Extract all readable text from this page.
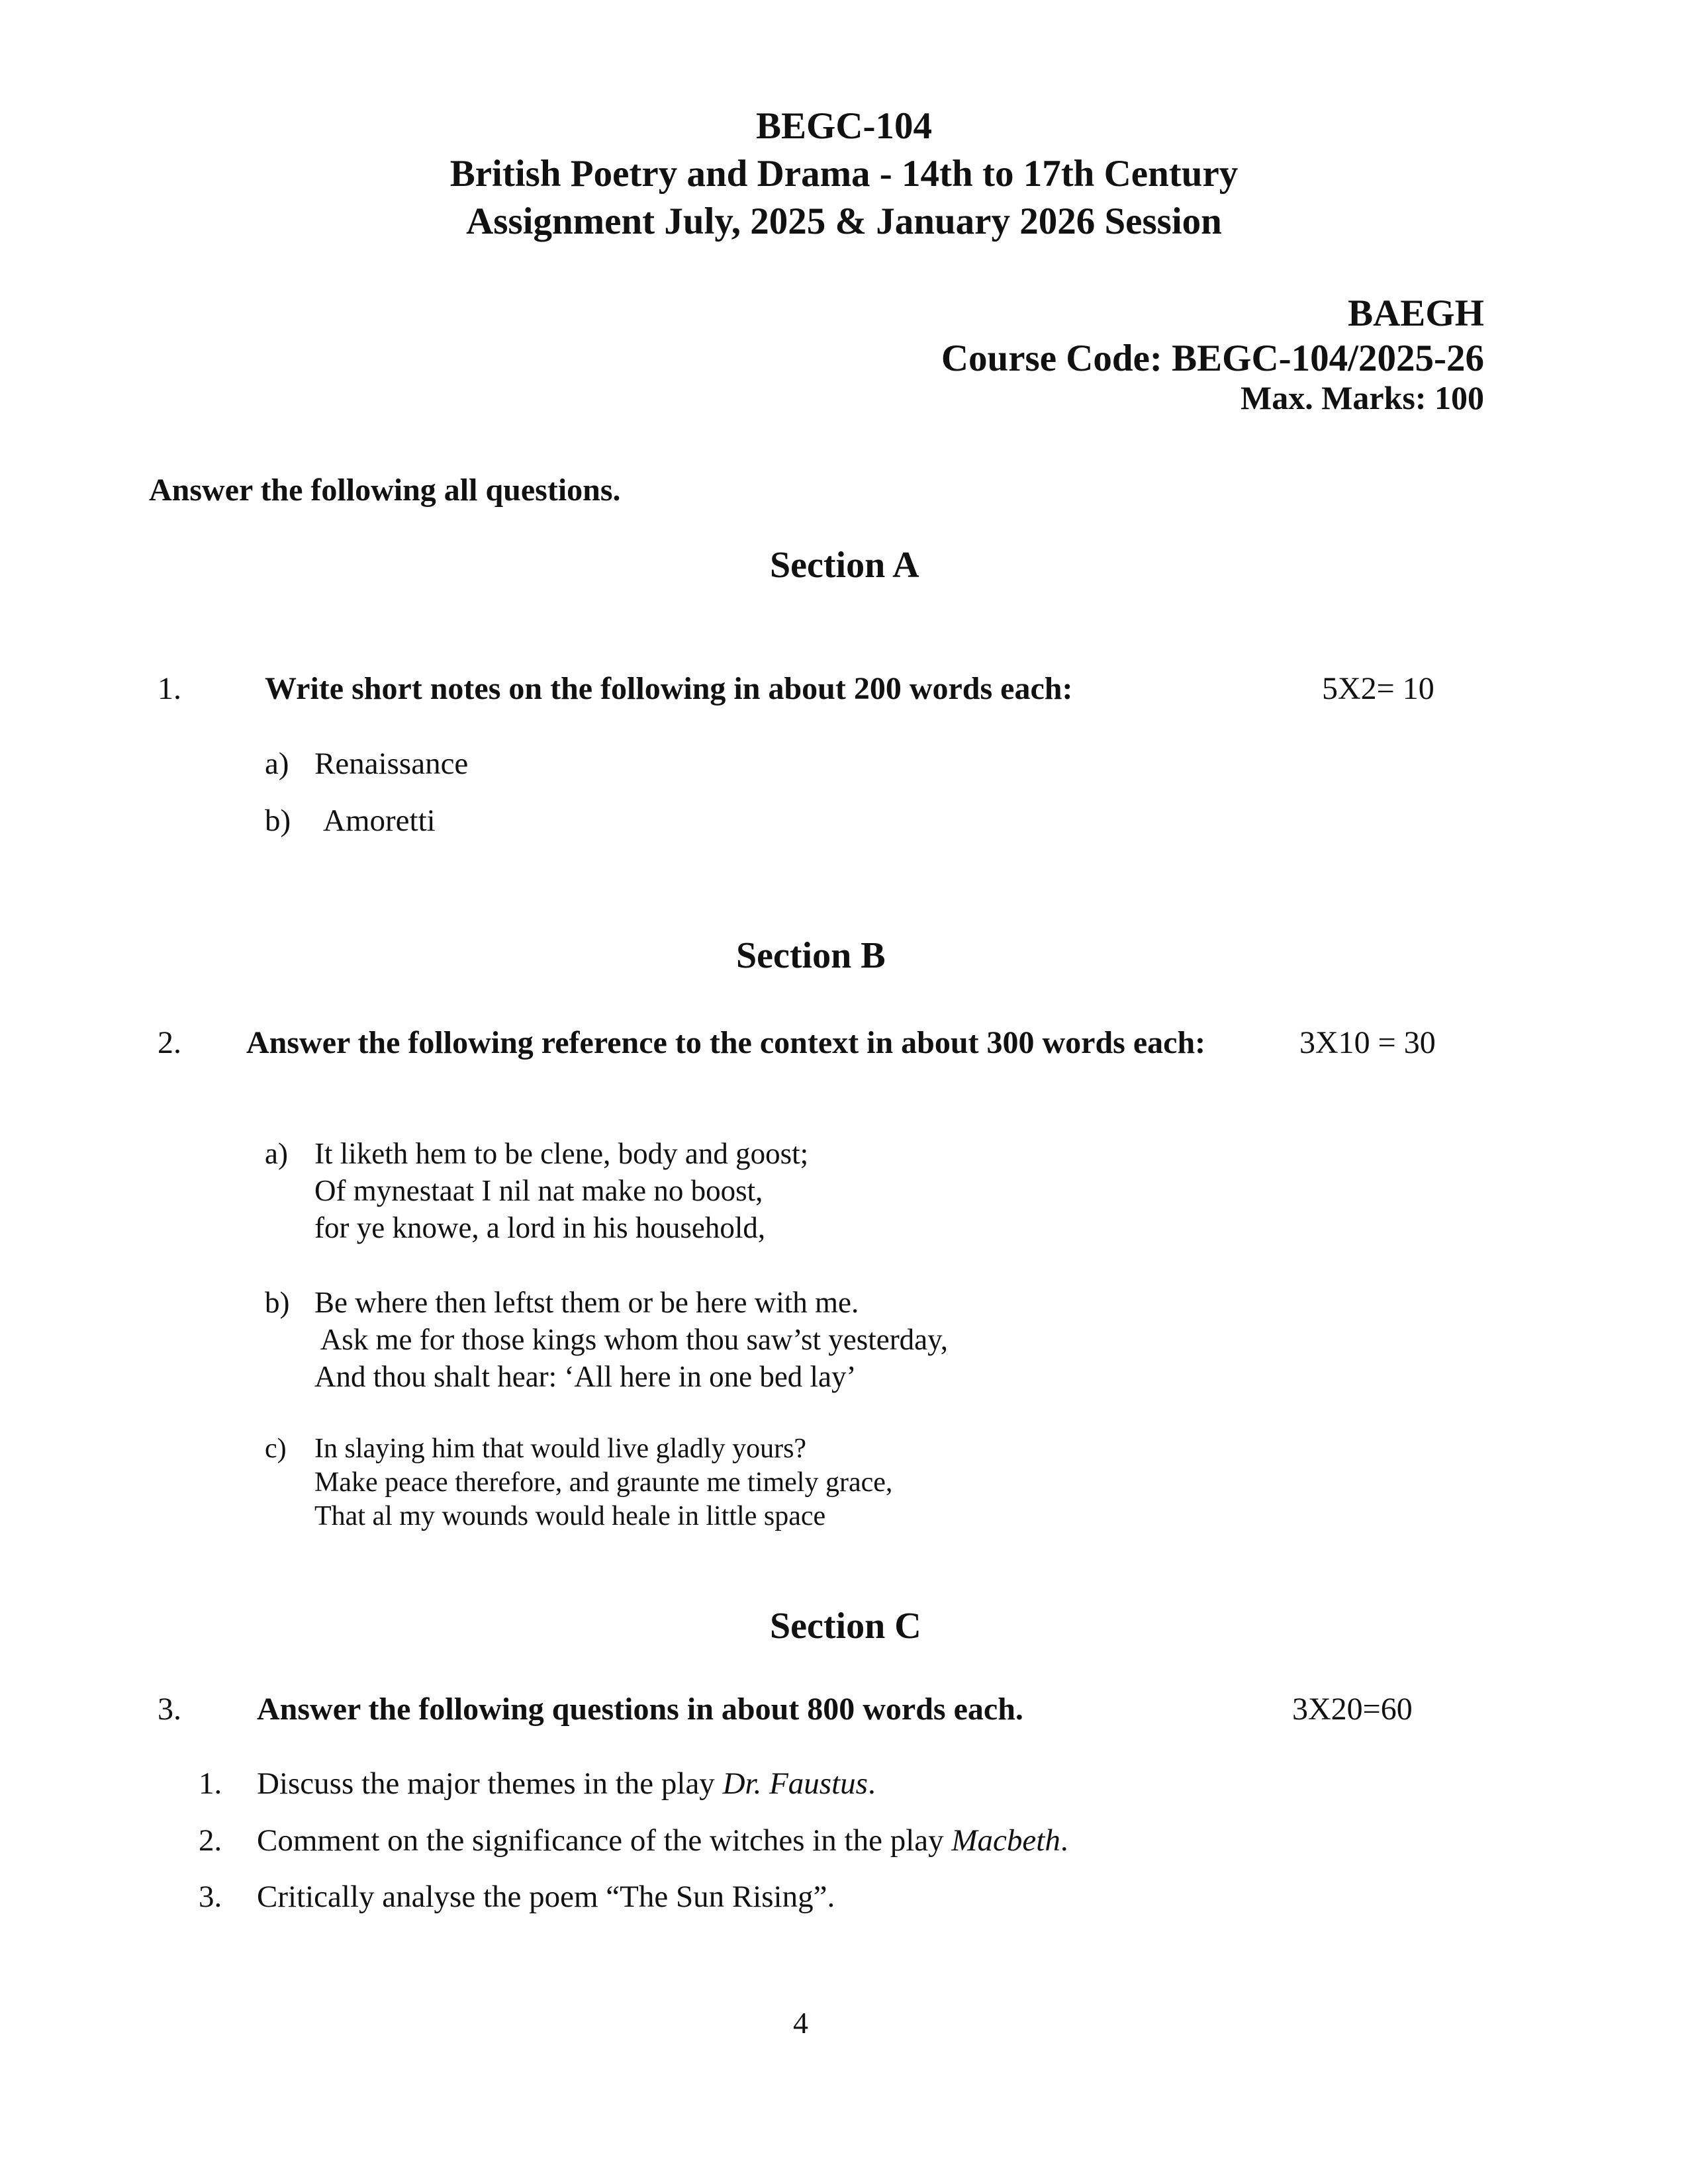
BEGC-104
British Poetry and Drama - 14th to 17th Century
Assignment July, 2025 & January 2026 Session
BAEGH
Course Code: BEGC-104/2025-26
Max. Marks: 100
Answer the following all questions.
Section A
1.	Write short notes on the following in about 200 words each:	5X2= 10
a) Renaissance
b) Amoretti
Section B
2. Answer the following reference to the context in about 300 words each:	3X10 = 30
a) It liketh hem to be clene, body and goost;
Of mynestaat I nil nat make no boost,
for ye knowe, a lord in his household,
b) Be where then leftst them or be here with me.
Ask me for those kings whom thou saw’st yesterday,
And thou shalt hear: ‘All here in one bed lay’
c) In slaying him that would live gladly yours?
Make peace therefore, and graunte me timely grace,
That al my wounds would heale in little space
Section C
3. Answer the following questions in about 800 words each.	3X20=60
1. Discuss the major themes in the play Dr. Faustus.
2. Comment on the significance of the witches in the play Macbeth.
3. Critically analyse the poem “The Sun Rising”.
4
